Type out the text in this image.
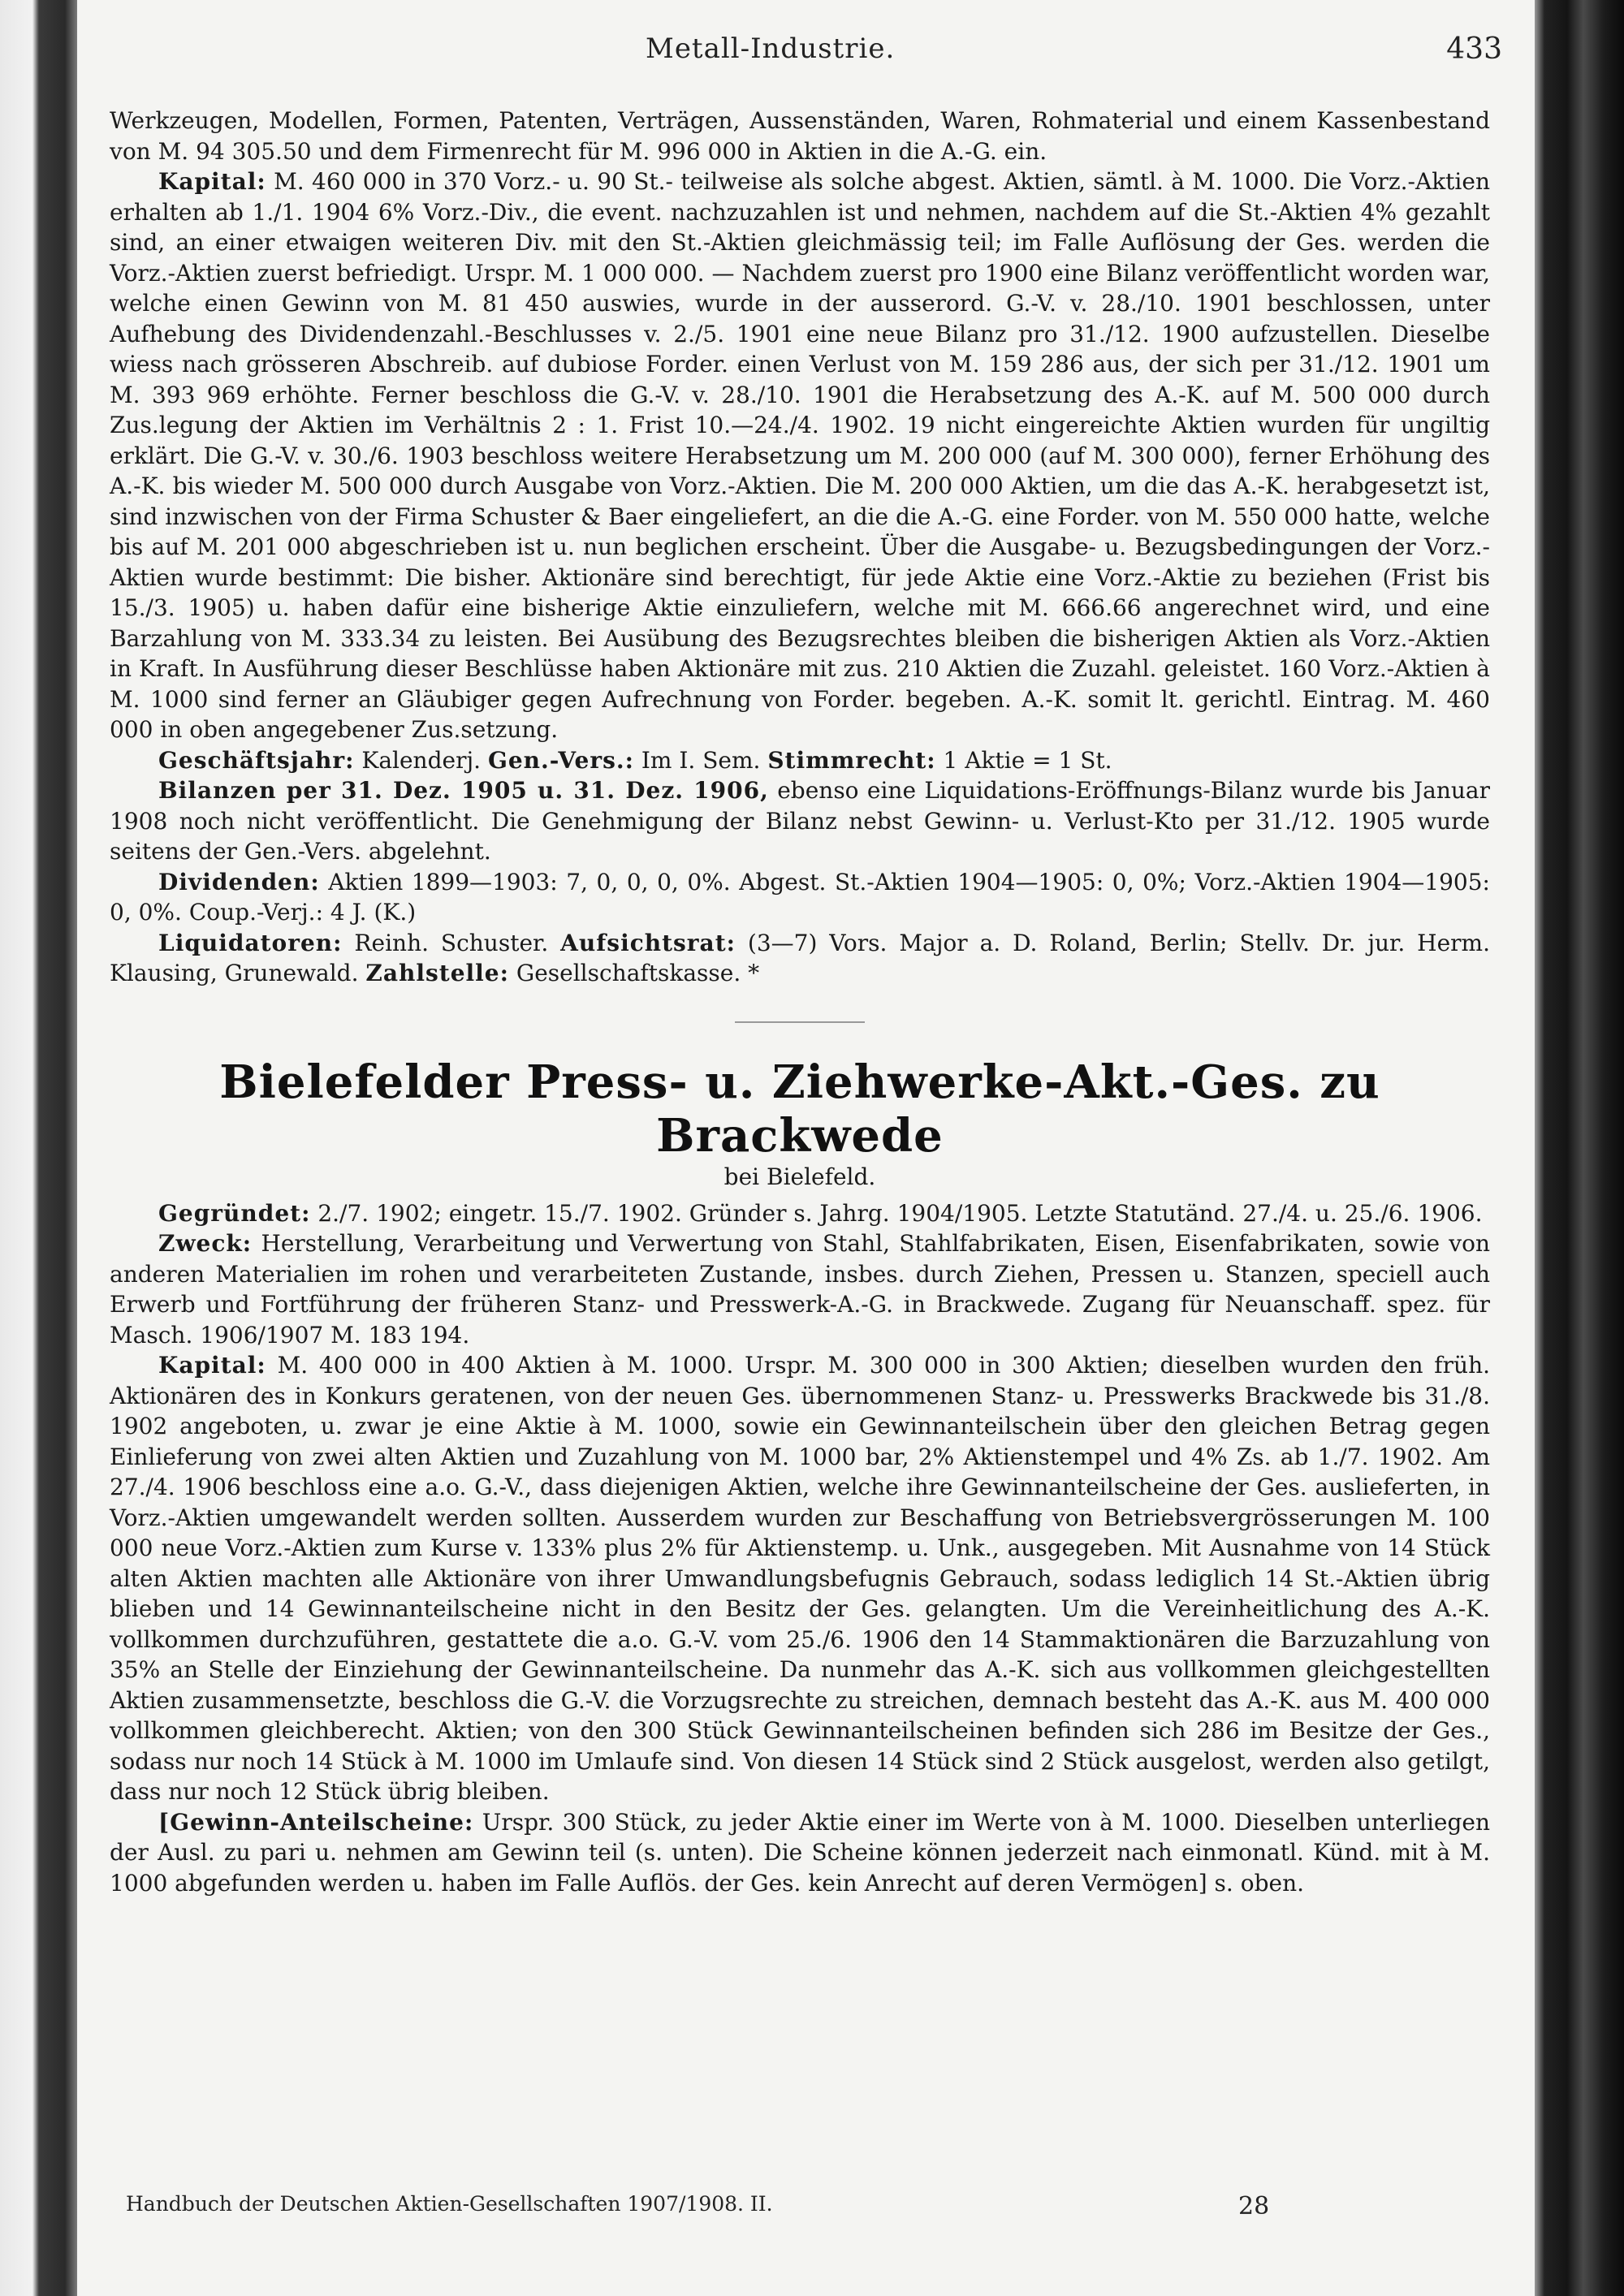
Metall-Industrie.	433

Werkzeugen, Modellen, Formen, Patenten, Verträgen, Aussenständen, Waren, Rohmaterial und einem Kassenbestand von M. 94 305.50 und dem Firmenrecht für M. 996 000 in Aktien in die A.-G. ein.

Kapital: M. 460 000 in 370 Vorz.- u. 90 St.- teilweise als solche abgest. Aktien, sämtl. à M. 1000. Die Vorz.-Aktien erhalten ab 1./1. 1904 6% Vorz.-Div., die event. nachzuzahlen ist und nehmen, nachdem auf die St.-Aktien 4% gezahlt sind, an einer etwaigen weiteren Div. mit den St.-Aktien gleichmässig teil; im Falle Auflösung der Ges. werden die Vorz.-Aktien zuerst befriedigt. Urspr. M. 1 000 000. — Nachdem zuerst pro 1900 eine Bilanz veröffentlicht worden war, welche einen Gewinn von M. 81 450 auswies, wurde in der ausserord. G.-V. v. 28./10. 1901 beschlossen, unter Aufhebung des Dividendenzahl.-Beschlusses v. 2./5. 1901 eine neue Bilanz pro 31./12. 1900 aufzustellen. Dieselbe wiess nach grösseren Abschreib. auf dubiose Forder. einen Verlust von M. 159 286 aus, der sich per 31./12. 1901 um M. 393 969 erhöhte. Ferner beschloss die G.-V. v. 28./10. 1901 die Herabsetzung des A.-K. auf M. 500 000 durch Zus.legung der Aktien im Verhältnis 2 : 1. Frist 10.—24./4. 1902. 19 nicht eingereichte Aktien wurden für ungiltig erklärt. Die G.-V. v. 30./6. 1903 beschloss weitere Herabsetzung um M. 200 000 (auf M. 300 000), ferner Erhöhung des A.-K. bis wieder M. 500 000 durch Ausgabe von Vorz.-Aktien. Die M. 200 000 Aktien, um die das A.-K. herabgesetzt ist, sind inzwischen von der Firma Schuster & Baer eingeliefert, an die die A.-G. eine Forder. von M. 550 000 hatte, welche bis auf M. 201 000 abgeschrieben ist u. nun beglichen erscheint. Über die Ausgabe- u. Bezugsbedingungen der Vorz.-Aktien wurde bestimmt: Die bisher. Aktionäre sind berechtigt, für jede Aktie eine Vorz.-Aktie zu beziehen (Frist bis 15./3. 1905) u. haben dafür eine bisherige Aktie einzuliefern, welche mit M. 666.66 angerechnet wird, und eine Barzahlung von M. 333.34 zu leisten. Bei Ausübung des Bezugsrechtes bleiben die bisherigen Aktien als Vorz.-Aktien in Kraft. In Ausführung dieser Beschlüsse haben Aktionäre mit zus. 210 Aktien die Zuzahl. geleistet. 160 Vorz.-Aktien à M. 1000 sind ferner an Gläubiger gegen Aufrechnung von Forder. begeben. A.-K. somit lt. gerichtl. Eintrag. M. 460 000 in oben angegebener Zus.setzung.

Geschäftsjahr: Kalenderj. Gen.-Vers.: Im I. Sem. Stimmrecht: 1 Aktie = 1 St.

Bilanzen per 31. Dez. 1905 u. 31. Dez. 1906, ebenso eine Liquidations-Eröffnungs-Bilanz wurde bis Januar 1908 noch nicht veröffentlicht. Die Genehmigung der Bilanz nebst Gewinn- u. Verlust-Kto per 31./12. 1905 wurde seitens der Gen.-Vers. abgelehnt.

Dividenden: Aktien 1899—1903: 7, 0, 0, 0, 0%. Abgest. St.-Aktien 1904—1905: 0, 0%; Vorz.-Aktien 1904—1905: 0, 0%. Coup.-Verj.: 4 J. (K.)

Liquidatoren: Reinh. Schuster. Aufsichtsrat: (3—7) Vors. Major a. D. Roland, Berlin; Stellv. Dr. jur. Herm. Klausing, Grunewald. Zahlstelle: Gesellschaftskasse. *

Bielefelder Press- u. Ziehwerke-Akt.-Ges. zu Brackwede
bei Bielefeld.

Gegründet: 2./7. 1902; eingetr. 15./7. 1902. Gründer s. Jahrg. 1904/1905. Letzte Statutänd. 27./4. u. 25./6. 1906.

Zweck: Herstellung, Verarbeitung und Verwertung von Stahl, Stahlfabrikaten, Eisen, Eisenfabrikaten, sowie von anderen Materialien im rohen und verarbeiteten Zustande, insbes. durch Ziehen, Pressen u. Stanzen, speciell auch Erwerb und Fortführung der früheren Stanz- und Presswerk-A.-G. in Brackwede. Zugang für Neuanschaff. spez. für Masch. 1906/1907 M. 183 194.

Kapital: M. 400 000 in 400 Aktien à M. 1000. Urspr. M. 300 000 in 300 Aktien; dieselben wurden den früh. Aktionären des in Konkurs geratenen, von der neuen Ges. übernommenen Stanz- u. Presswerks Brackwede bis 31./8. 1902 angeboten, u. zwar je eine Aktie à M. 1000, sowie ein Gewinnanteilschein über den gleichen Betrag gegen Einlieferung von zwei alten Aktien und Zuzahlung von M. 1000 bar, 2% Aktienstempel und 4% Zs. ab 1./7. 1902. Am 27./4. 1906 beschloss eine a.o. G.-V., dass diejenigen Aktien, welche ihre Gewinnanteilscheine der Ges. auslieferten, in Vorz.-Aktien umgewandelt werden sollten. Ausserdem wurden zur Beschaffung von Betriebsvergrösserungen M. 100 000 neue Vorz.-Aktien zum Kurse v. 133% plus 2% für Aktienstemp. u. Unk., ausgegeben. Mit Ausnahme von 14 Stück alten Aktien machten alle Aktionäre von ihrer Umwandlungsbefugnis Gebrauch, sodass lediglich 14 St.-Aktien übrig blieben und 14 Gewinnanteilscheine nicht in den Besitz der Ges. gelangten. Um die Vereinheitlichung des A.-K. vollkommen durchzuführen, gestattete die a.o. G.-V. vom 25./6. 1906 den 14 Stammaktionären die Barzuzahlung von 35% an Stelle der Einziehung der Gewinnanteilscheine. Da nunmehr das A.-K. sich aus vollkommen gleichgestellten Aktien zusammensetzte, beschloss die G.-V. die Vorzugsrechte zu streichen, demnach besteht das A.-K. aus M. 400 000 vollkommen gleichberecht. Aktien; von den 300 Stück Gewinnanteilscheinen befinden sich 286 im Besitze der Ges., sodass nur noch 14 Stück à M. 1000 im Umlaufe sind. Von diesen 14 Stück sind 2 Stück ausgelost, werden also getilgt, dass nur noch 12 Stück übrig bleiben.

[Gewinn-Anteilscheine: Urspr. 300 Stück, zu jeder Aktie einer im Werte von à M. 1000. Dieselben unterliegen der Ausl. zu pari u. nehmen am Gewinn teil (s. unten). Die Scheine können jederzeit nach einmonatl. Künd. mit à M. 1000 abgefunden werden u. haben im Falle Auflös. der Ges. kein Anrecht auf deren Vermögen] s. oben.

Handbuch der Deutschen Aktien-Gesellschaften 1907/1908. II.	28
